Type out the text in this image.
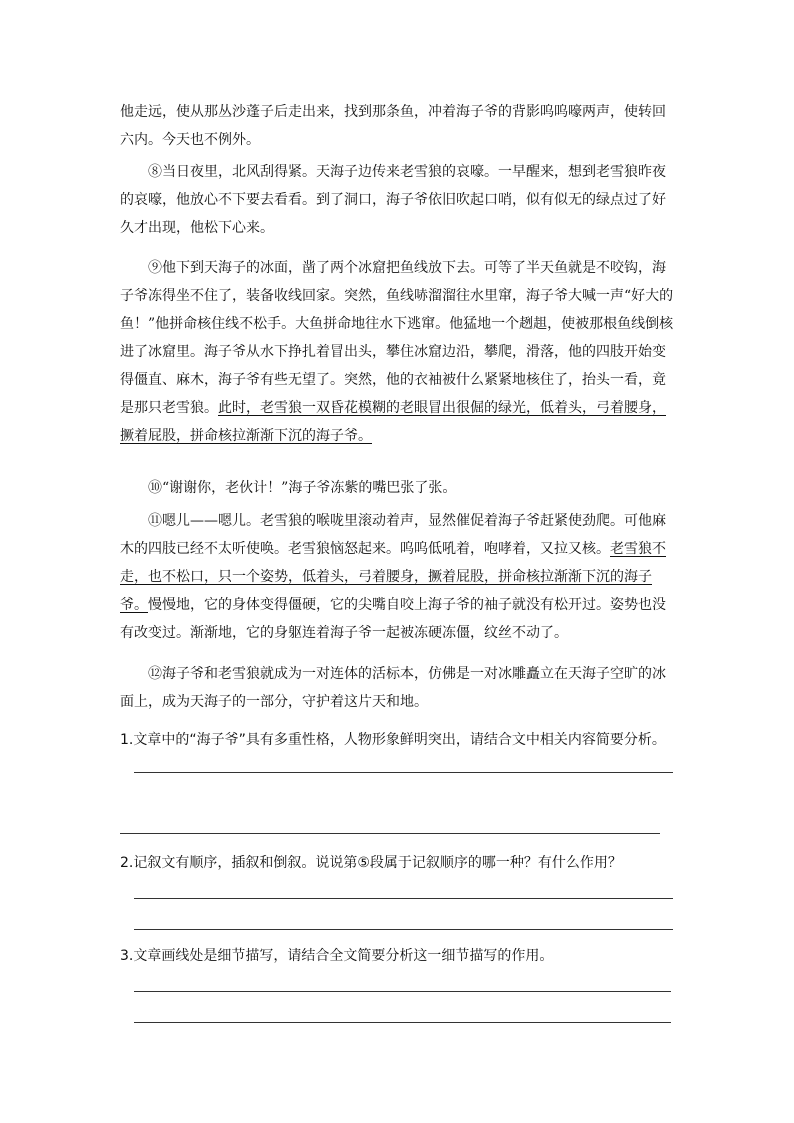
他走远，使从那丛沙蓬子后走出来，找到那条鱼，冲着海子爷的背影呜呜嚎两声，使转回六内。今天也不例外。

⑧当日夜里，北风刮得紧。天海子边传来老雪狼的哀嚎。一早醒来，想到老雪狼昨夜的哀嚎，他放心不下要去看看。到了洞口，海子爷依旧吹起口哨，似有似无的绿点过了好久才出现，他松下心来。

⑨他下到天海子的冰面，凿了两个冰窟把鱼线放下去。可等了半天鱼就是不咬钩，海子爷冻得坐不住了，装备收线回家。突然，鱼线哧溜溜往水里窜，海子爷大喊一声“好大的鱼！”他拼命核住线不松手。大鱼拼命地往水下逃窜。他猛地一个趔趄，使被那根鱼线倒核进了冰窟里。海子爷从水下挣扎着冒出头，攀住冰窟边沿，攀爬，滑落，他的四肢开始变得僵直、麻木，海子爷有些无望了。突然，他的衣袖被什么紧紧地核住了，抬头一看，竟是那只老雪狼。此时，老雪狼一双昏花模糊的老眼冒出很倔的绿光，低着头，弓着腰身，撅着屁股，拼命核拉渐渐下沉的海子爷。

⑩“谢谢你，老伙计！”海子爷冻紫的嘴巴张了张。

⑪嗯儿——嗯儿。老雪狼的喉咙里滚动着声，显然催促着海子爷赶紧使劲爬。可他麻木的四肢已经不太听使唤。老雪狼恼怒起来。呜呜低吼着，咆哮着，又拉又核。老雪狼不走，也不松口，只一个姿势，低着头，弓着腰身，撅着屁股，拼命核拉渐渐下沉的海子爷。慢慢地，它的身体变得僵硬，它的尖嘴自咬上海子爷的袖子就没有松开过。姿势也没有改变过。渐渐地，它的身躯连着海子爷一起被冻硬冻僵，纹丝不动了。

⑫海子爷和老雪狼就成为一对连体的活标本，仿佛是一对冰雕矗立在天海子空旷的冰面上，成为天海子的一部分，守护着这片天和地。

1.文章中的“海子爷”具有多重性格，人物形象鲜明突出，请结合文中相关内容简要分析。

2.记叙文有顺序，插叙和倒叙。说说第⑤段属于记叙顺序的哪一种？有什么作用？

3.文章画线处是细节描写，请结合全文简要分析这一细节描写的作用。
